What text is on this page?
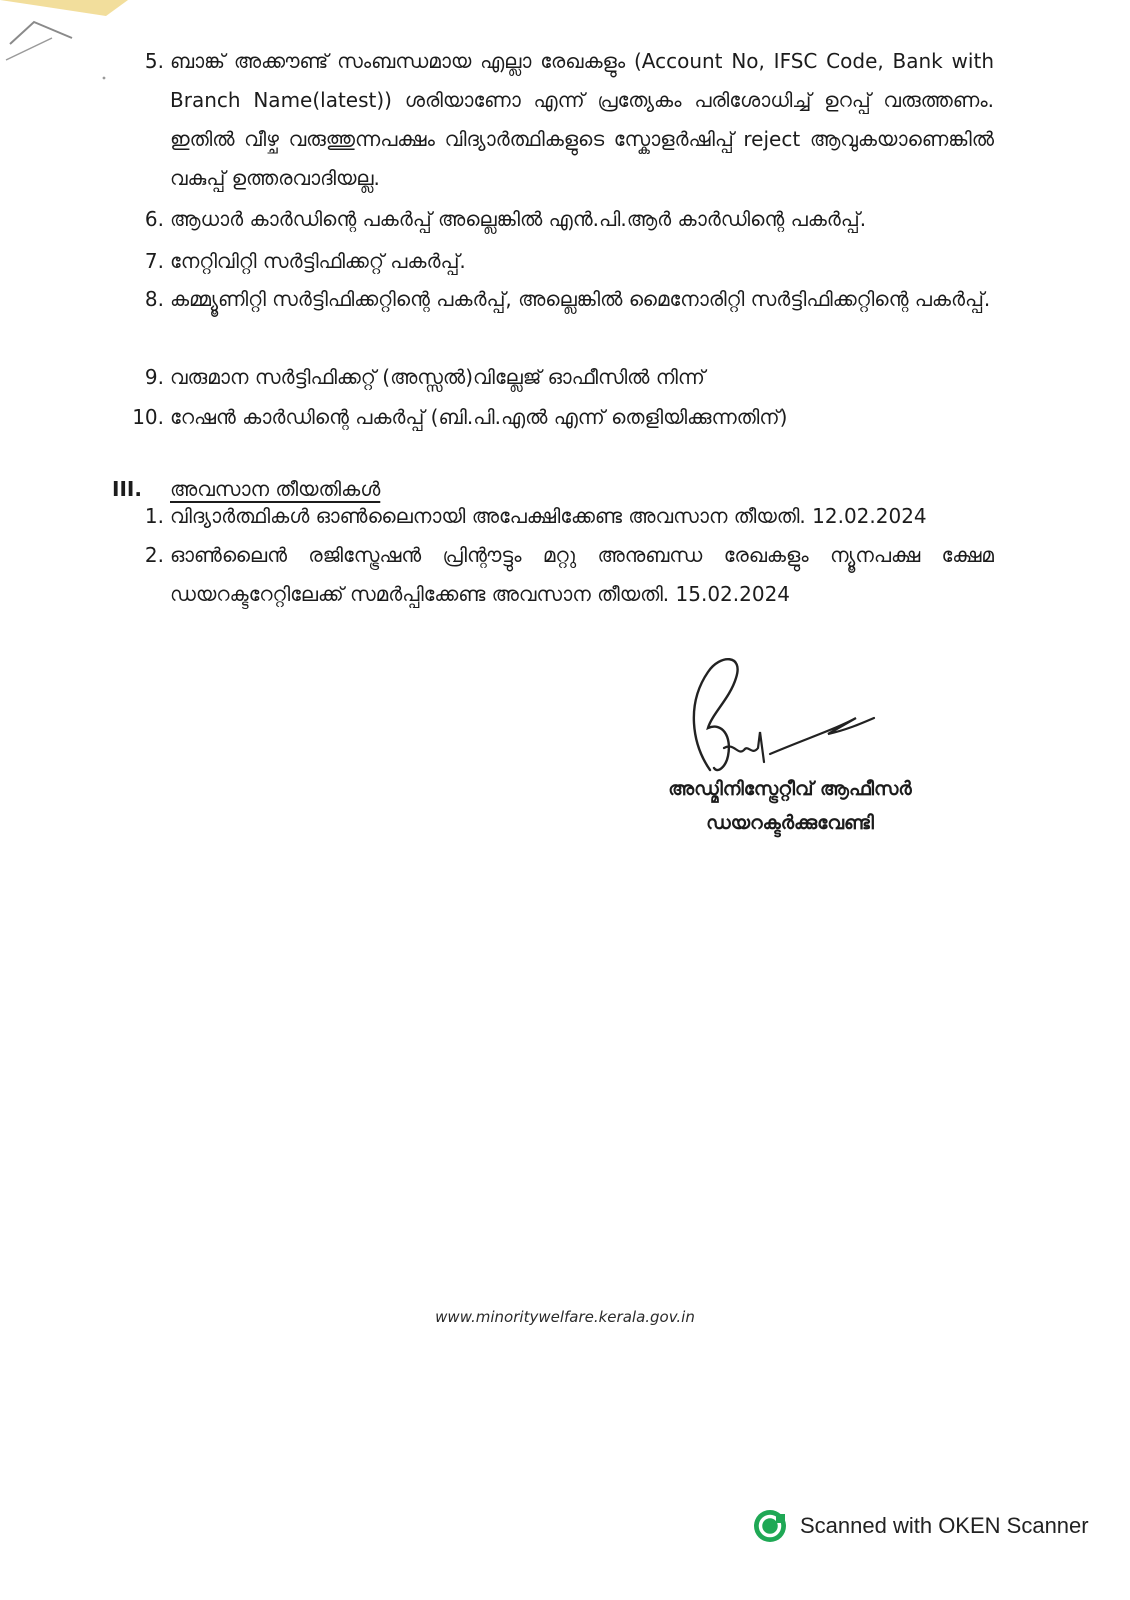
5. ബാങ്ക് അക്കൗണ്ട് സംബന്ധമായ എല്ലാ രേഖകളും (Account No, IFSC Code, Bank with Branch Name(latest)) ശരിയാണോ എന്ന് പ്രത്യേകം പരിശോധിച്ച് ഉറപ്പ് വരുത്തണം. ഇതിൽ വീഴ്ച വരുത്തുന്നപക്ഷം വിദ്യാർത്ഥികളുടെ സ്കോളർഷിപ്പ് reject ആവുകയാണെങ്കിൽ വകുപ്പ് ഉത്തരവാദിയല്ല.
6. ആധാർ കാർഡിന്റെ പകർപ്പ് അല്ലെങ്കിൽ എൻ.പി.ആർ കാർഡിന്റെ പകർപ്പ്.
7. നേറ്റിവിറ്റി സർട്ടിഫിക്കറ്റ് പകർപ്പ്.
8. കമ്മ്യൂണിറ്റി സർട്ടിഫിക്കറ്റിന്റെ പകർപ്പ്, അല്ലെങ്കിൽ മൈനോരിറ്റി സർട്ടിഫിക്കറ്റിന്റെ പകർപ്പ്.
9. വരുമാന സർട്ടിഫിക്കറ്റ് (അസ്സൽ)വില്ലേജ് ഓഫീസിൽ നിന്ന്
10. റേഷൻ കാർഡിന്റെ പകർപ്പ് (ബി.പി.എൽ എന്ന് തെളിയിക്കുന്നതിന്)
III. അവസാന തീയതികൾ
1. വിദ്യാർത്ഥികൾ ഓൺലൈനായി അപേക്ഷിക്കേണ്ട അവസാന തീയതി. 12.02.2024
2. ഓൺലൈൻ രജിസ്ട്രേഷൻ പ്രിന്റൗട്ടും മറ്റു അനുബന്ധ രേഖകളും ന്യൂനപക്ഷ ക്ഷേമ ഡയറക്ടറേറ്റിലേക്ക് സമർപ്പിക്കേണ്ട അവസാന തീയതി. 15.02.2024
അഡ്മിനിസ്ട്രേറ്റീവ് ആഫീസർ
ഡയറക്ടർക്കുവേണ്ടി
www.minoritywelfare.kerala.gov.in
Scanned with OKEN Scanner
